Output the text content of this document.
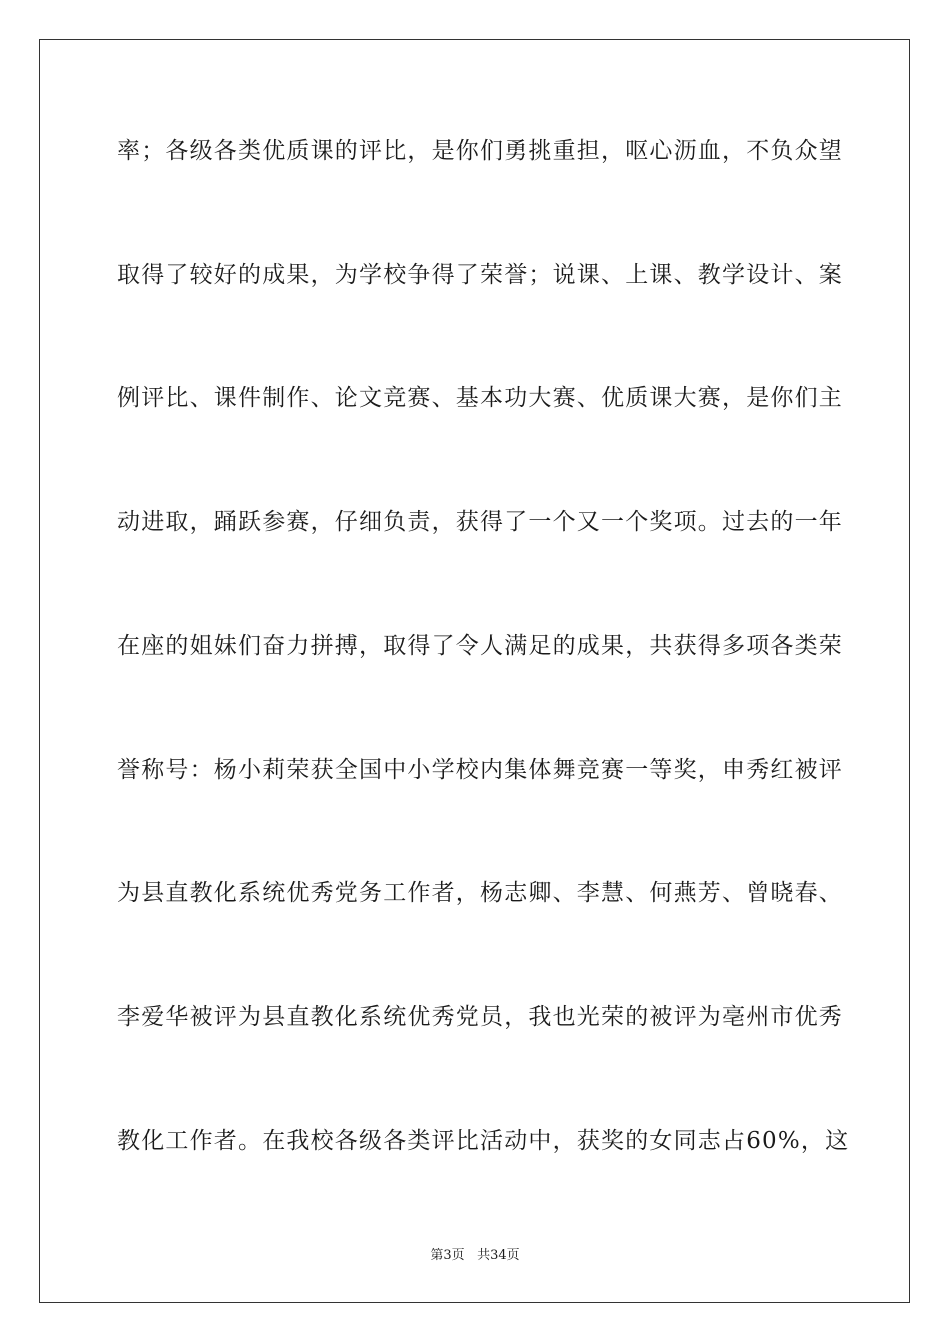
率；各级各类优质课的评比，是你们勇挑重担，呕心沥血，不负众望
取得了较好的成果，为学校争得了荣誉；说课、上课、教学设计、案
例评比、课件制作、论文竞赛、基本功大赛、优质课大赛，是你们主
动进取，踊跃参赛，仔细负责，获得了一个又一个奖项。过去的一年
在座的姐妹们奋力拼搏，取得了令人满足的成果，共获得多项各类荣
誉称号：杨小莉荣获全国中小学校内集体舞竞赛一等奖，申秀红被评
为县直教化系统优秀党务工作者，杨志卿、李慧、何燕芳、曾晓春、
李爱华被评为县直教化系统优秀党员，我也光荣的被评为亳州市优秀
教化工作者。在我校各级各类评比活动中，获奖的女同志占60%，这
第3页 共34页
